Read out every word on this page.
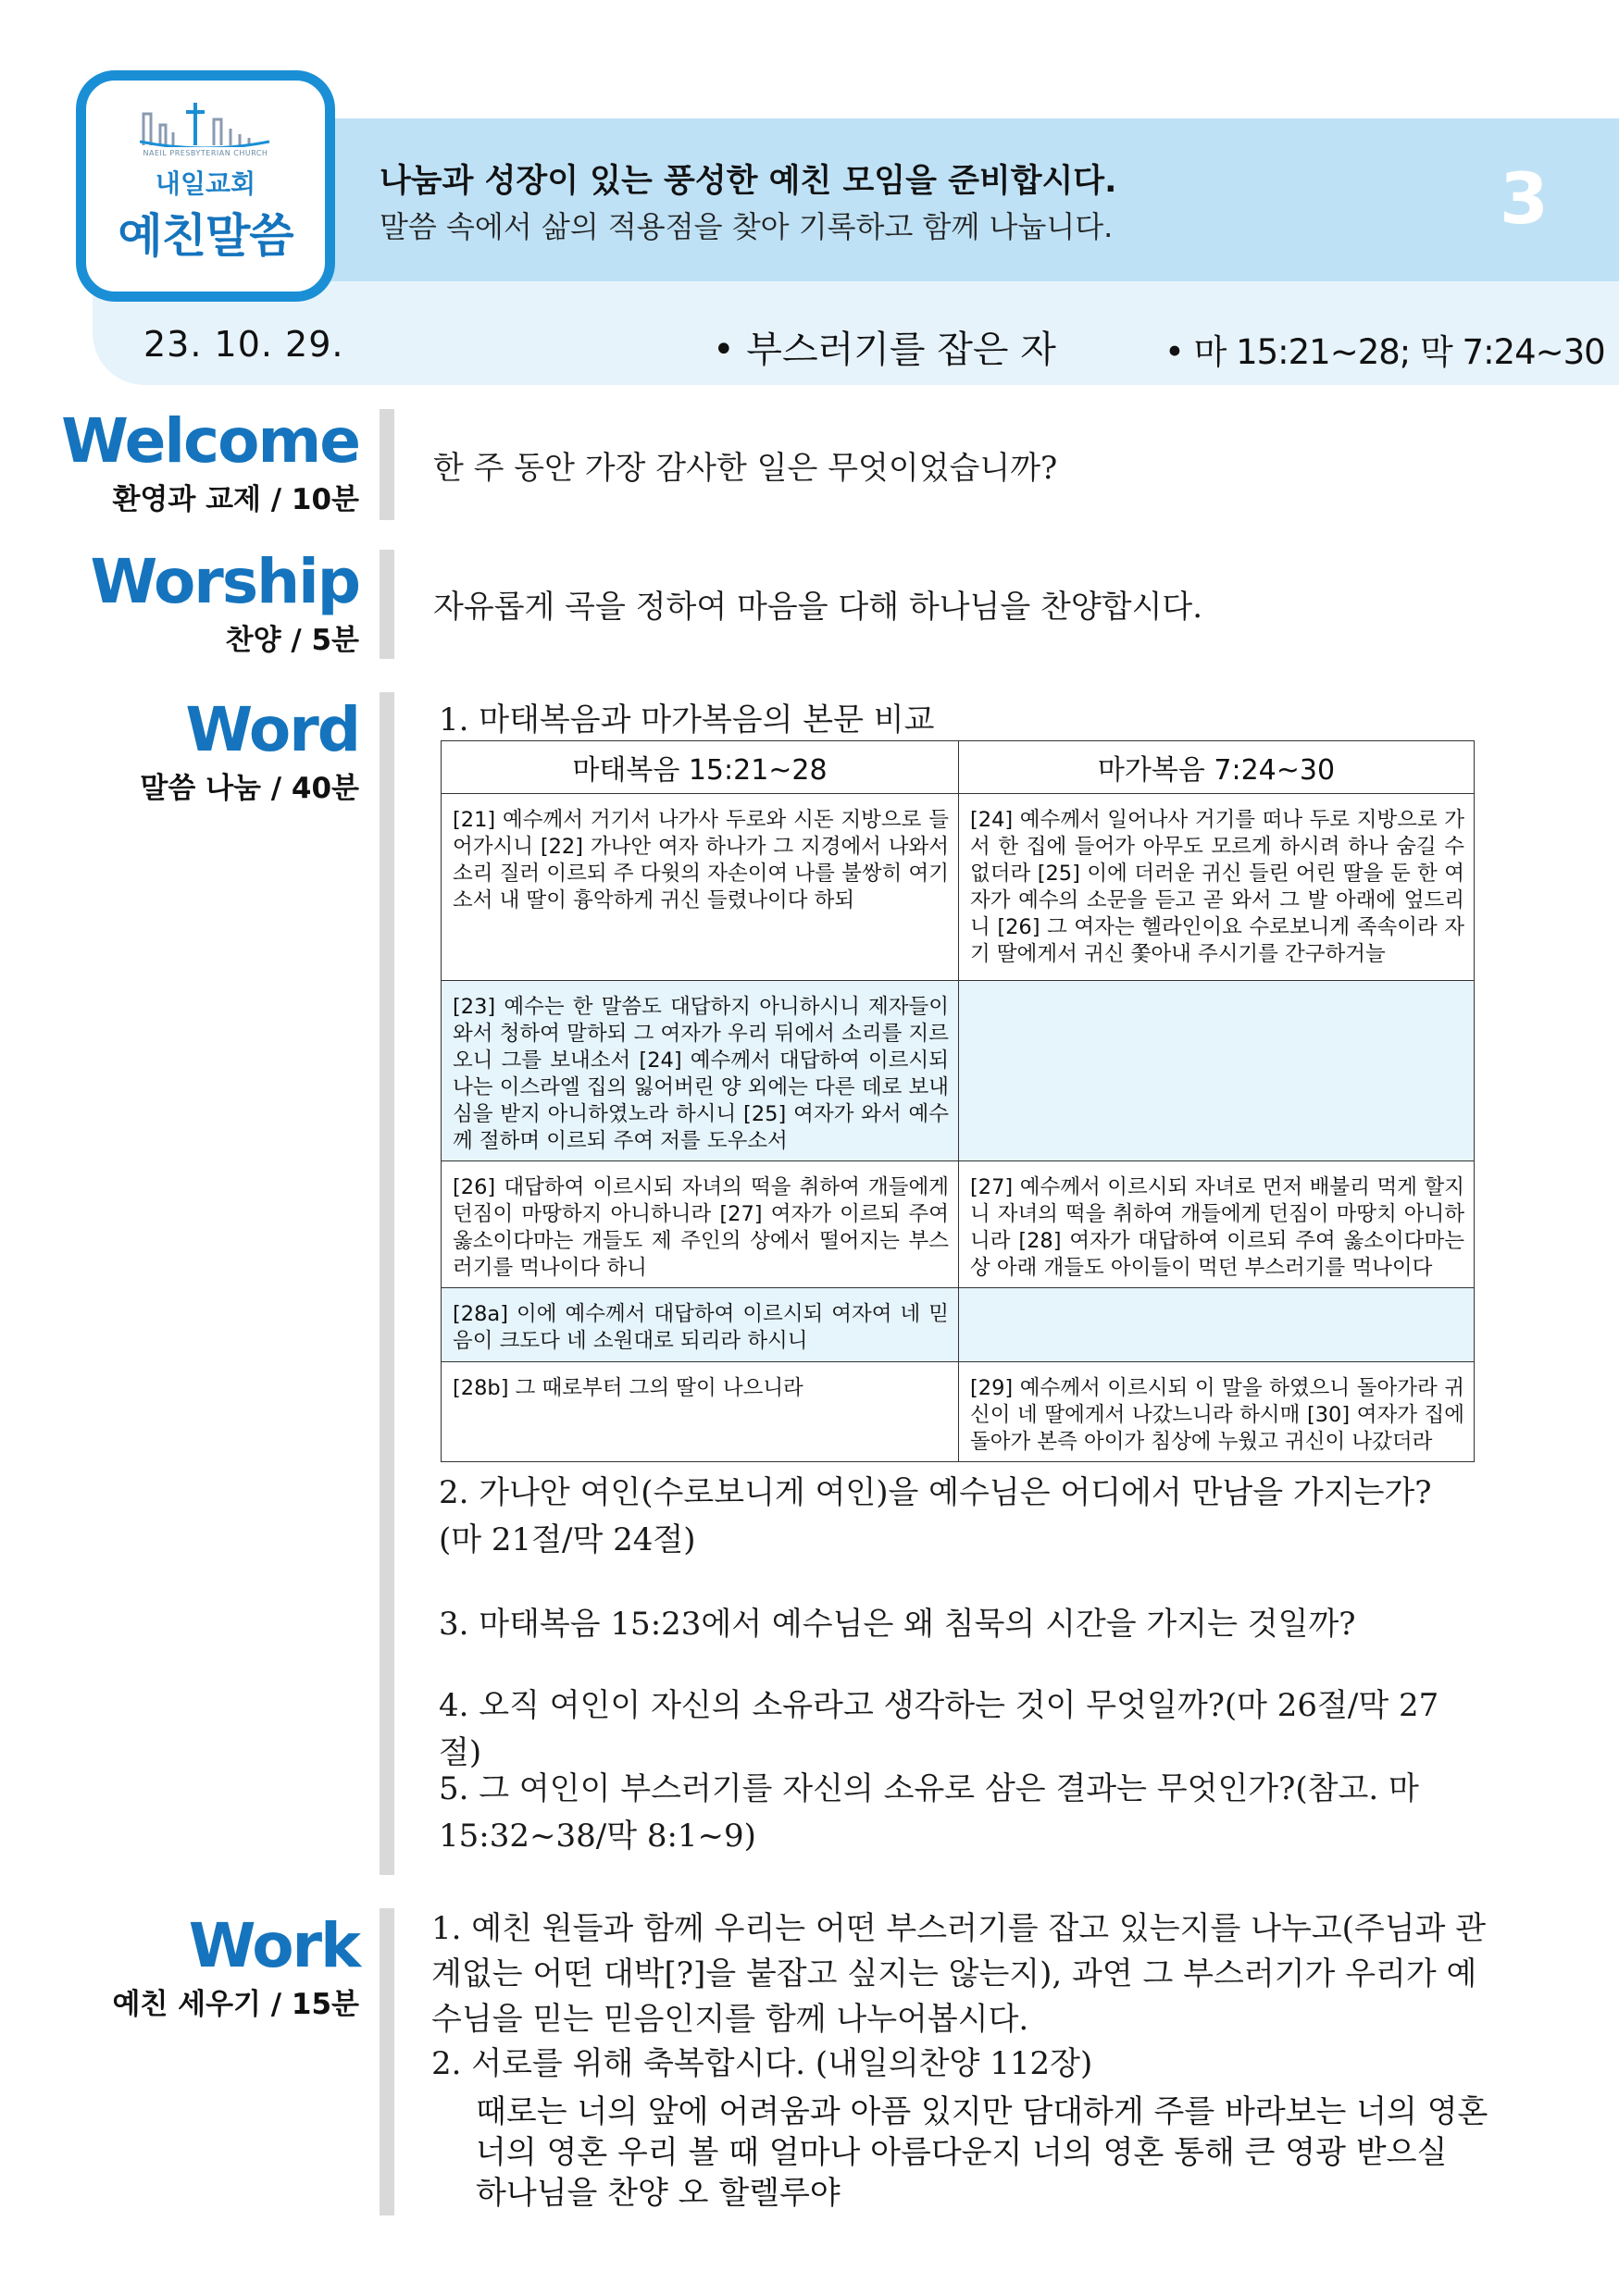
NAEIL PRESBYTERIAN CHURCH
내일교회
예친말씀
나눔과 성장이 있는 풍성한 예친 모임을 준비합시다.
말씀 속에서 삶의 적용점을 찾아 기록하고 함께 나눕니다.	3
23. 10. 29.	• 부스러기를 잡은 자	• 마 15:21~28; 막 7:24~30
Welcome
환영과 교제 / 10분
한 주 동안 가장 감사한 일은 무엇이었습니까?
Worship
찬양 / 5분
자유롭게 곡을 정하여 마음을 다해 하나님을 찬양합시다.
Word
말씀 나눔 / 40분
1. 마태복음과 마가복음의 본문 비교
마태복음 15:21~28	마가복음 7:24~30
[21] 예수께서 거기서 나가사 두로와 시돈 지방으로 들어가시니 [22] 가나안 여자 하나가 그 지경에서 나와서 소리 질러 이르되 주 다윗의 자손이여 나를 불쌍히 여기소서 내 딸이 흉악하게 귀신 들렸나이다 하되	[24] 예수께서 일어나사 거기를 떠나 두로 지방으로 가서 한 집에 들어가 아무도 모르게 하시려 하나 숨길 수 없더라 [25] 이에 더러운 귀신 들린 어린 딸을 둔 한 여자가 예수의 소문을 듣고 곧 와서 그 발 아래에 엎드리니 [26] 그 여자는 헬라인이요 수로보니게 족속이라 자기 딸에게서 귀신 쫓아내 주시기를 간구하거늘
[23] 예수는 한 말씀도 대답하지 아니하시니 제자들이 와서 청하여 말하되 그 여자가 우리 뒤에서 소리를 지르오니 그를 보내소서 [24] 예수께서 대답하여 이르시되 나는 이스라엘 집의 잃어버린 양 외에는 다른 데로 보내심을 받지 아니하였노라 하시니 [25] 여자가 와서 예수께 절하며 이르되 주여 저를 도우소서	
[26] 대답하여 이르시되 자녀의 떡을 취하여 개들에게 던짐이 마땅하지 아니하니라 [27] 여자가 이르되 주여 옳소이다마는 개들도 제 주인의 상에서 떨어지는 부스러기를 먹나이다 하니	[27] 예수께서 이르시되 자녀로 먼저 배불리 먹게 할지니 자녀의 떡을 취하여 개들에게 던짐이 마땅치 아니하니라 [28] 여자가 대답하여 이르되 주여 옳소이다마는 상 아래 개들도 아이들이 먹던 부스러기를 먹나이다
[28a] 이에 예수께서 대답하여 이르시되 여자여 네 믿음이 크도다 네 소원대로 되리라 하시니	
[28b] 그 때로부터 그의 딸이 나으니라	[29] 예수께서 이르시되 이 말을 하였으니 돌아가라 귀신이 네 딸에게서 나갔느니라 하시매 [30] 여자가 집에 돌아가 본즉 아이가 침상에 누웠고 귀신이 나갔더라
2. 가나안 여인(수로보니게 여인)을 예수님은 어디에서 만남을 가지는가? (마 21절/막 24절)
3. 마태복음 15:23에서 예수님은 왜 침묵의 시간을 가지는 것일까?
4. 오직 여인이 자신의 소유라고 생각하는 것이 무엇일까?(마 26절/막 27절)
5. 그 여인이 부스러기를 자신의 소유로 삼은 결과는 무엇인가?(참고. 마 15:32~38/막 8:1~9)
Work
예친 세우기 / 15분
1. 예친 원들과 함께 우리는 어떤 부스러기를 잡고 있는지를 나누고(주님과 관계없는 어떤 대박[?]을 붙잡고 싶지는 않는지), 과연 그 부스러기가 우리가 예수님을 믿는 믿음인지를 함께 나누어봅시다.
2. 서로를 위해 축복합시다. (내일의찬양 112장)
때로는 너의 앞에 어려움과 아픔 있지만 담대하게 주를 바라보는 너의 영혼
너의 영혼 우리 볼 때 얼마나 아름다운지 너의 영혼 통해 큰 영광 받으실
하나님을 찬양 오 할렐루야
